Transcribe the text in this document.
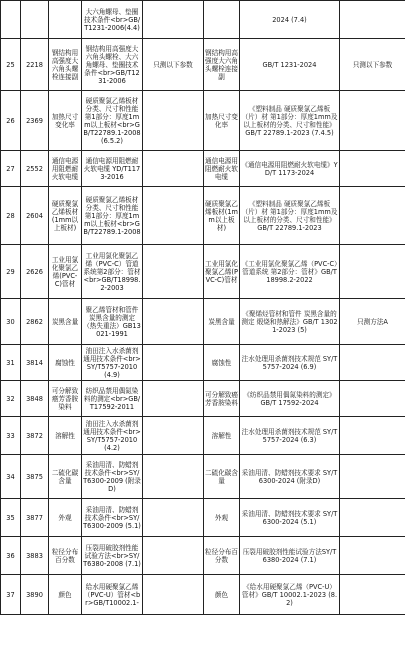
			大六角螺母、垫圈技术条件<br>GB/T1231-2006(4.4)			2024 (7.4)	
25	2218	钢结构用高强度大六角头螺栓连接副	钢结构用高强度大六角头螺栓、大六角螺母、垫圈技术条件<br>GB/T1231-2006	只测以下参数	钢结构用高强度大六角头螺栓连接副	GB/T 1231-2024	只测以下参数
26	2369	加热尺寸变化率	硬质聚氯乙烯板材分类、尺寸和性能第1部分：厚度1mm以上板材<br>GB/T22789.1-2008 (6.5.2)		加热尺寸变化率	《塑料制品 硬质聚氯乙烯板（片）材 第1部分：厚度1mm及以上板材的分类、尺寸和性能》GB/T 22789.1-2023 (7.4.5)	
27	2552	通信电源用阻燃耐火软电缆	通信电源用阻燃耐火软电缆 YD/T1173-2016		通信电源用阻燃耐火软电缆	《通信电源用阻燃耐火软电缆》YD/T 1173-2024	
28	2604	硬质聚氯乙烯板材(1mm以上板材)	硬质聚氯乙烯板材分类、尺寸和性能第1部分：厚度1mm以上板材<br>GB/T22789.1-2008		硬质聚氯乙烯板材(1mm以上板材)	《塑料制品 硬质聚氯乙烯板（片）材 第1部分：厚度1mm及以上板材的分类、尺寸和性能》GB/T 22789.1-2023	
29	2626	工业用氯化聚氯乙烯(PVC-C)管材	工业用氯化聚氯乙烯（PVC-C）管道系统第2部分：管材<br>GB/T18998.2-2003		工业用氯化聚氯乙烯(PVC-C)管材	《工业用氯化聚氯乙烯（PVC-C）管道系统 第2部分：管材》GB/T 18998.2-2022	
30	2862	炭黑含量	聚乙烯管材和管件炭黑含量的测定（热失重法）GB13021-1991		炭黑含量	《聚烯烃管材和管件 炭黑含量的测定 煅烧和热解法》GB/T 13021-2023 (5)	只测方法A
31	3814	腐蚀性	油田注入水杀菌剂通用技术条件<br>SY/T5757-2010 (4.9)		腐蚀性	注水处理用杀菌剂技术规范 SY/T 5757-2024 (6.9)	
32	3848	可分解致癌芳香胺染料	纺织品禁用偶氮染料的测定<br>GB/T17592-2011		可分解致癌芳香胺染料	《纺织品禁用偶氮染料的测定》GB/T 17592-2024	
33	3872	溶解性	油田注入水杀菌剂通用技术条件<br>SY/T5757-2010 (4.2)		溶解性	注水处理用杀菌剂技术规范 SY/T 5757-2024 (6.3)	
34	3875	二硫化碳含量	采油用清、防蜡剂技术条件<br>SY/T6300-2009 (附录D)		二硫化碳含量	采油用清、防蜡剂技术要求 SY/T 6300-2024 (附录D)	
35	3877	外观	采油用清、防蜡剂技术条件<br>SY/T6300-2009 (5.1)		外观	采油用清、防蜡剂技术要求 SY/T 6300-2024 (5.1)	
36	3883	粒径分布百分数	压裂用破胶剂性能试验方法<br>SY/T6380-2008 (7.1)		粒径分布百分数	压裂用破胶剂性能试验方法SY/T 6380-2024 (7.1)	
37	3890	颜色	给水用硬聚氯乙烯（PVC-U）管材<br>GB/T10002.1-		颜色	《给水用硬聚氯乙烯（PVC-U）管材》GB/T 10002.1-2023 (8.2)	
